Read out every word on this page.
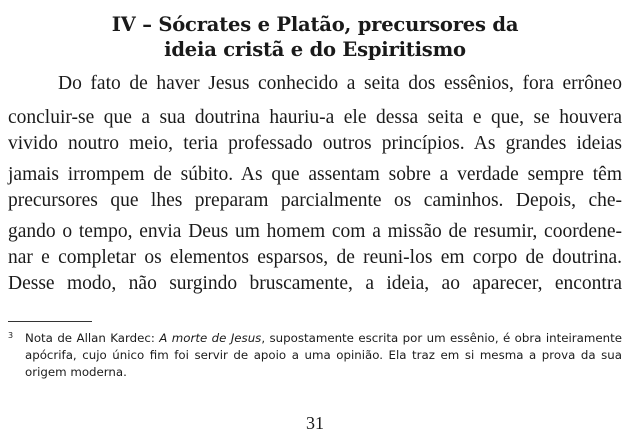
IV – Sócrates e Platão, precursores da
ideia cristã e do Espiritismo
Do fato de haver Jesus conhecido a seita dos essênios, fora errôneo
concluir-se que a sua doutrina hauriu-a ele dessa seita e que, se houvera
vivido noutro meio, teria professado outros princípios. As grandes ideias
jamais irrompem de súbito. As que assentam sobre a verdade sempre têm
precursores que lhes preparam parcialmente os caminhos. Depois, che-
gando o tempo, envia Deus um homem com a missão de resumir, coordene-
nar e completar os elementos esparsos, de reuni-los em corpo de doutrina.
Desse modo, não surgindo bruscamente, a ideia, ao aparecer, encontra
3 Nota de Allan Kardec: A morte de Jesus, supostamente escrita por um essênio, é obra inteiramente
apócrifa, cujo único fim foi servir de apoio a uma opinião. Ela traz em si mesma a prova da sua
origem moderna.
31
